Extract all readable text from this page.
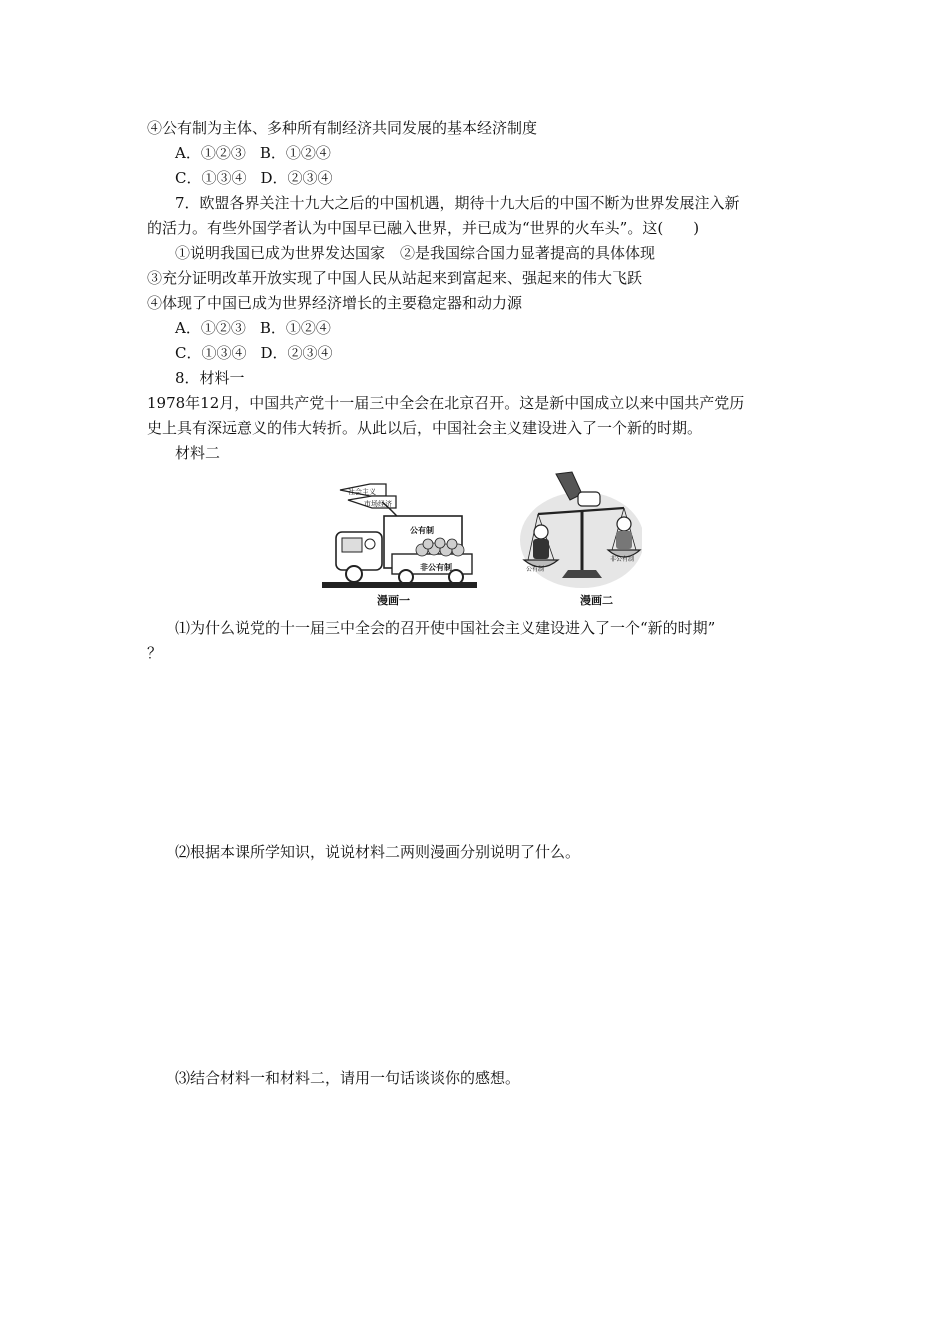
④公有制为主体、多种所有制经济共同发展的基本经济制度
A．①②③ B．①②④
C．①③④ D．②③④
7．欧盟各界关注十九大之后的中国机遇，期待十九大后的中国不断为世界发展注入新
的活力。有些外国学者认为中国早已融入世界，并已成为“世界的火车头”。这(　　)
①说明我国已成为世界发达国家　②是我国综合国力显著提高的具体体现
③充分证明改革开放实现了中国人民从站起来到富起来、强起来的伟大飞跃
④体现了中国已成为世界经济增长的主要稳定器和动力源
A．①②③ B．①②④
C．①③④ D．②③④
8．材料一
1978年12月，中国共产党十一届三中全会在北京召开。这是新中国成立以来中国共产党历
史上具有深远意义的伟大转折。从此以后，中国社会主义建设进入了一个新的时期。
材料二
社会主义
市场经济
公有制
非公有制
漫画一
公有制
非公有制
漫画二
⑴为什么说党的十一届三中全会的召开使中国社会主义建设进入了一个“新的时期”
？
⑵根据本课所学知识，说说材料二两则漫画分别说明了什么。
⑶结合材料一和材料二，请用一句话谈谈你的感想。
